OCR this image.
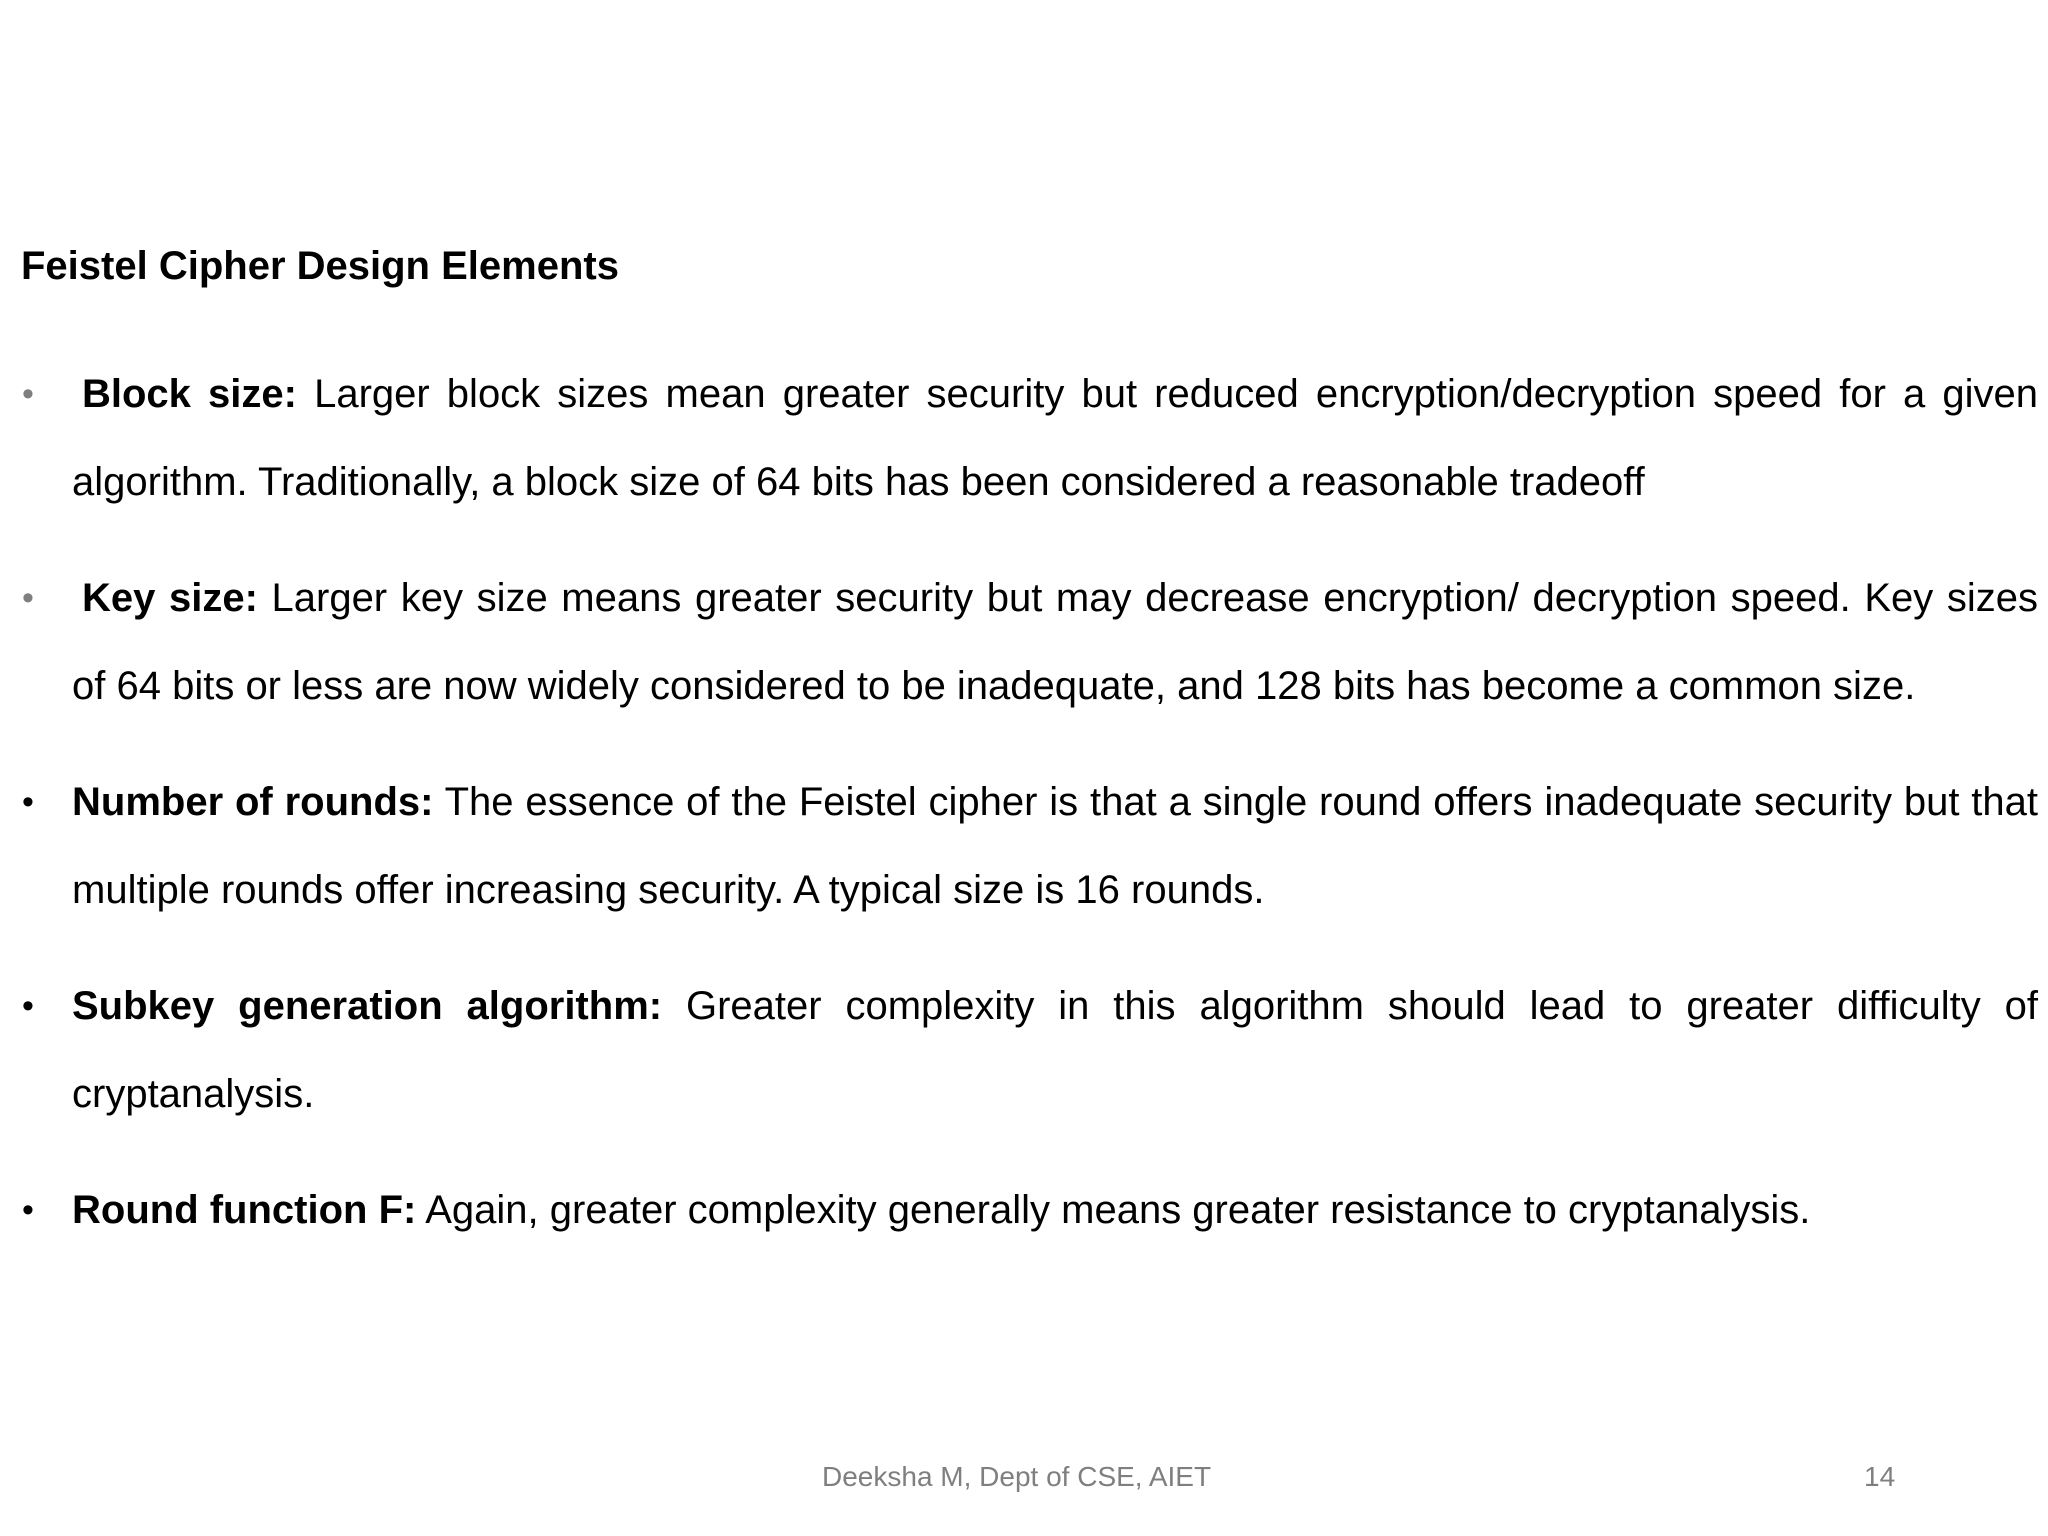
Feistel Cipher Design Elements
• Block size: Larger block sizes mean greater security but reduced encryption/decryption speed for a given algorithm. Traditionally, a block size of 64 bits has been considered a reasonable tradeoff
• Key size: Larger key size means greater security but may decrease encryption/ decryption speed. Key sizes of 64 bits or less are now widely considered to be inadequate, and 128 bits has become a common size.
• Number of rounds: The essence of the Feistel cipher is that a single round offers inadequate security but that multiple rounds offer increasing security. A typical size is 16 rounds.
• Subkey generation algorithm: Greater complexity in this algorithm should lead to greater difficulty of cryptanalysis.
• Round function F: Again, greater complexity generally means greater resistance to cryptanalysis.
Deeksha M, Dept of CSE, AIET	14
